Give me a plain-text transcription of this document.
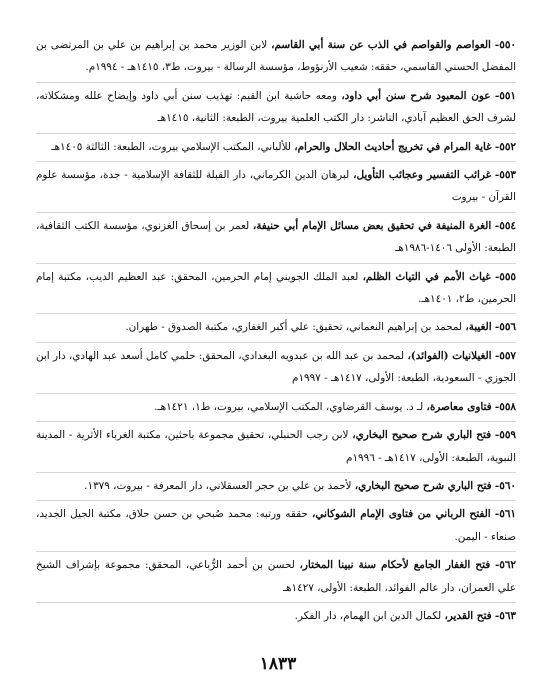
٥٥٠- العواصم والقواصم في الذب عن سنة أبي القاسم، لابن الوزير محمد بن إبراهيم بن علي بن المرتضى بن المفضل الحسني القاسمي، حققه: شعيب الأرنؤوط، مؤسسة الرسالة - بيروت، ط٣، ١٤١٥هـ - ١٩٩٤م.

٥٥١- عون المعبود شرح سنن أبي داود، ومعه حاشية ابن القيم: تهذيب سنن أبي داود وإيضاح علله ومشكلاته، لشرف الحق العظيم آبادي، الناشر: دار الكتب العلمية بيروت، الطبعة: الثانية، ١٤١٥هـ

٥٥٢- غاية المرام في تخريج أحاديث الحلال والحرام، للألباني، المكتب الإسلامي بيروت، الطبعة: الثالثة ١٤٠٥هـ

٥٥٣- غرائب التفسير وعجائب التأويل، لبرهان الدين الكرماني، دار القبلة للثقافة الإسلامية - جدة، مؤسسة علوم القرآن - بيروت

٥٥٤- الغرة المنيفة في تحقيق بعض مسائل الإمام أبي حنيفة، لعمر بن إسحاق الغزنوي، مؤسسة الكتب الثقافية، الطبعة: الأولى ١٤٠٦-١٩٨٦هـ

٥٥٥- غياث الأمم في التياث الظلم، لعبد الملك الجويني إمام الحرمين، المحقق: عبد العظيم الديب، مكتبة إمام الحرمين، ط٢، ١٤٠١هـ.

٥٥٦- الغيبة، لمحمد بن إبراهيم النعماني، تحقيق: علي أكبر الغفاري، مكتبة الصدوق - طهران.

٥٥٧- الغيلانيات (الفوائد)، لمحمد بن عبد الله بن عبدويه البغدادي، المحقق: حلمي كامل أسعد عبد الهادي، دار ابن الجوزي - السعودية، الطبعة: الأولى، ١٤١٧هـ - ١٩٩٧م

٥٥٨- فتاوى معاصرة، لـ د. يوسف القرضاوي، المكتب الإسلامي، بيروت، ط١، ١٤٢١هـ.

٥٥٩- فتح الباري شرح صحيح البخاري، لابن رجب الحنبلي، تحقيق مجموعة باحثين، مكتبة الغرباء الأثرية - المدينة النبوية، الطبعة: الأولى، ١٤١٧هـ - ١٩٩٦م

٥٦٠- فتح الباري شرح صحيح البخاري، لأحمد بن علي بن حجر العسقلاني، دار المعرفة - بيروت، ١٣٧٩.

٥٦١- الفتح الرباني من فتاوى الإمام الشوكاني، حققه ورتبه: محمد صُبحي بن حسن حلاق، مكتبة الجيل الجديد، صنعاء - اليمن.

٥٦٢- فتح الغفار الجامع لأحكام سنة نبينا المختار، لحسن بن أحمد الرُّباعي، المحقق: مجموعة بإشراف الشيخ علي العمران، دار عالم الفوائد، الطبعة: الأولى، ١٤٢٧هـ

٥٦٣- فتح القدير، لكمال الدين ابن الهمام، دار الفكر.

١٨٣٣
